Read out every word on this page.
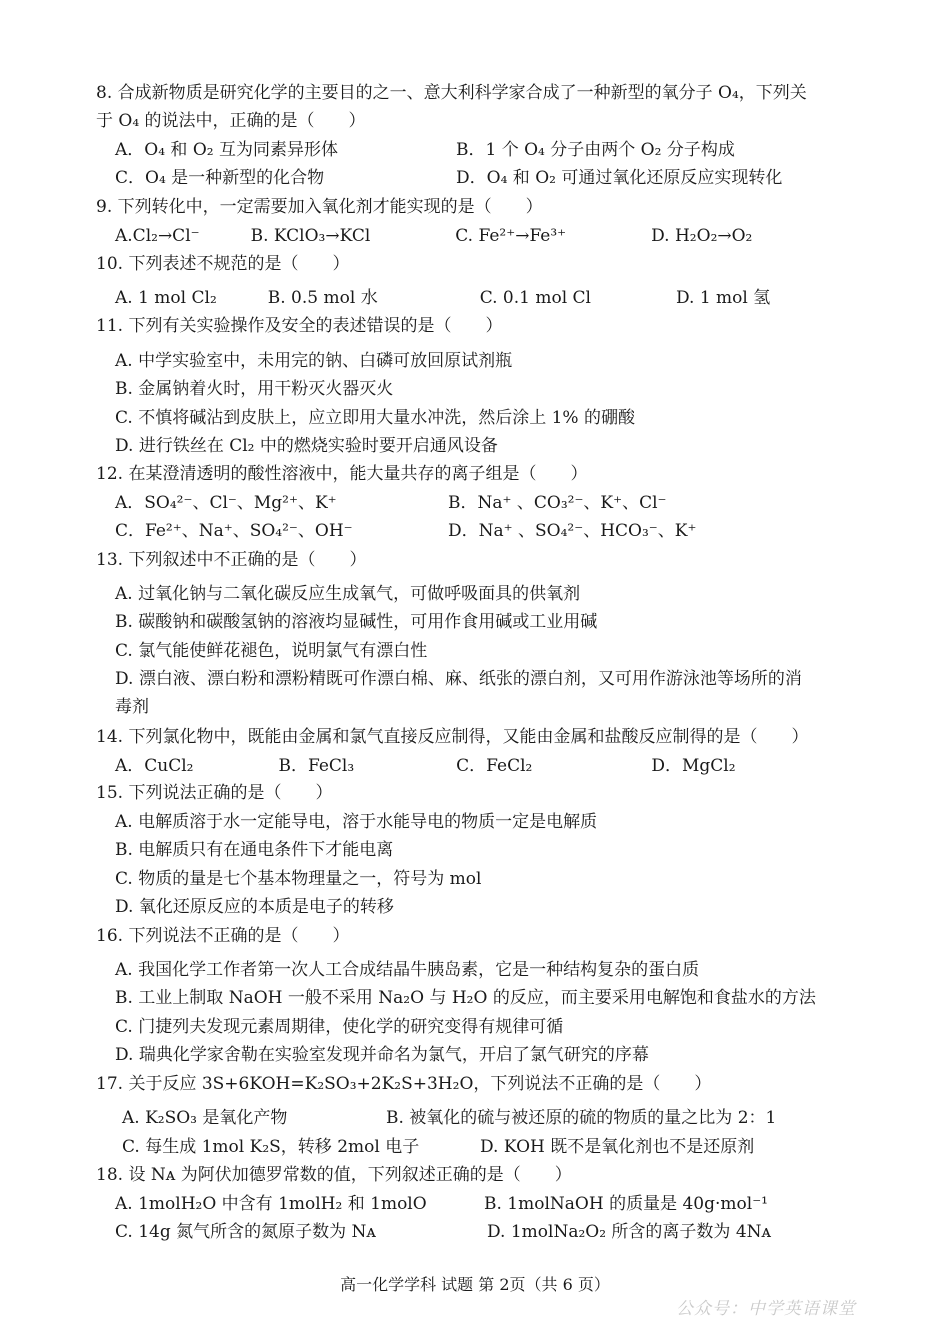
8. 合成新物质是研究化学的主要目的之一、意大利科学家合成了一种新型的氧分子 O₄，下列关
于 O₄ 的说法中，正确的是（　　）
A．O₄ 和 O₂ 互为同素异形体	B．1 个 O₄ 分子由两个 O₂ 分子构成
C．O₄ 是一种新型的化合物	D．O₄ 和 O₂ 可通过氧化还原反应实现转化
9. 下列转化中，一定需要加入氧化剂才能实现的是（　　）
A.Cl₂→Cl⁻　　　B. KClO₃→KCl　　　　　C. Fe²⁺→Fe³⁺　　　　　D. H₂O₂→O₂
10. 下列表述不规范的是（　　）
A. 1 mol Cl₂　　　B. 0.5 mol 水　　　　　　C. 0.1 mol Cl　　　　　D. 1 mol 氢
11. 下列有关实验操作及安全的表述错误的是（　　）
A. 中学实验室中，未用完的钠、白磷可放回原试剂瓶
B. 金属钠着火时，用干粉灭火器灭火
C. 不慎将碱沾到皮肤上，应立即用大量水冲洗，然后涂上 1% 的硼酸
D. 进行铁丝在 Cl₂ 中的燃烧实验时要开启通风设备
12. 在某澄清透明的酸性溶液中，能大量共存的离子组是（　　）
A．SO₄²⁻、Cl⁻、Mg²⁺、K⁺	B．Na⁺ 、CO₃²⁻、K⁺、Cl⁻
C．Fe²⁺、Na⁺、SO₄²⁻、OH⁻	D．Na⁺ 、SO₄²⁻、HCO₃⁻、K⁺
13. 下列叙述中不正确的是（　　）
A. 过氧化钠与二氧化碳反应生成氧气，可做呼吸面具的供氧剂
B. 碳酸钠和碳酸氢钠的溶液均显碱性，可用作食用碱或工业用碱
C. 氯气能使鲜花褪色，说明氯气有漂白性
D. 漂白液、漂白粉和漂粉精既可作漂白棉、麻、纸张的漂白剂，又可用作游泳池等场所的消
毒剂
14. 下列氯化物中，既能由金属和氯气直接反应制得，又能由金属和盐酸反应制得的是（　　）
A．CuCl₂　　　　　B．FeCl₃　　　　　　C．FeCl₂　　　　　　　D．MgCl₂
15. 下列说法正确的是（　　）
A. 电解质溶于水一定能导电，溶于水能导电的物质一定是电解质
B. 电解质只有在通电条件下才能电离
C. 物质的量是七个基本物理量之一，符号为 mol
D. 氧化还原反应的本质是电子的转移
16. 下列说法不正确的是（　　）
A. 我国化学工作者第一次人工合成结晶牛胰岛素，它是一种结构复杂的蛋白质
B. 工业上制取 NaOH 一般不采用 Na₂O 与 H₂O 的反应，而主要采用电解饱和食盐水的方法
C. 门捷列夫发现元素周期律，使化学的研究变得有规律可循
D. 瑞典化学家舍勒在实验室发现并命名为氯气，开启了氯气研究的序幕
17. 关于反应 3S+6KOH=K₂SO₃+2K₂S+3H₂O，下列说法不正确的是（　　）
A. K₂SO₃ 是氧化产物	B. 被氧化的硫与被还原的硫的物质的量之比为 2：1
C. 每生成 1mol K₂S，转移 2mol 电子	D. KOH 既不是氧化剂也不是还原剂
18. 设 Nᴀ 为阿伏加德罗常数的值，下列叙述正确的是（　　）
A. 1molH₂O 中含有 1molH₂ 和 1molO	B. 1molNaOH 的质量是 40g·mol⁻¹
C. 14g 氮气所含的氮原子数为 Nᴀ	D. 1molNa₂O₂ 所含的离子数为 4Nᴀ
高一化学学科 试题 第 2页（共 6 页）
公众号：中学英语课堂
